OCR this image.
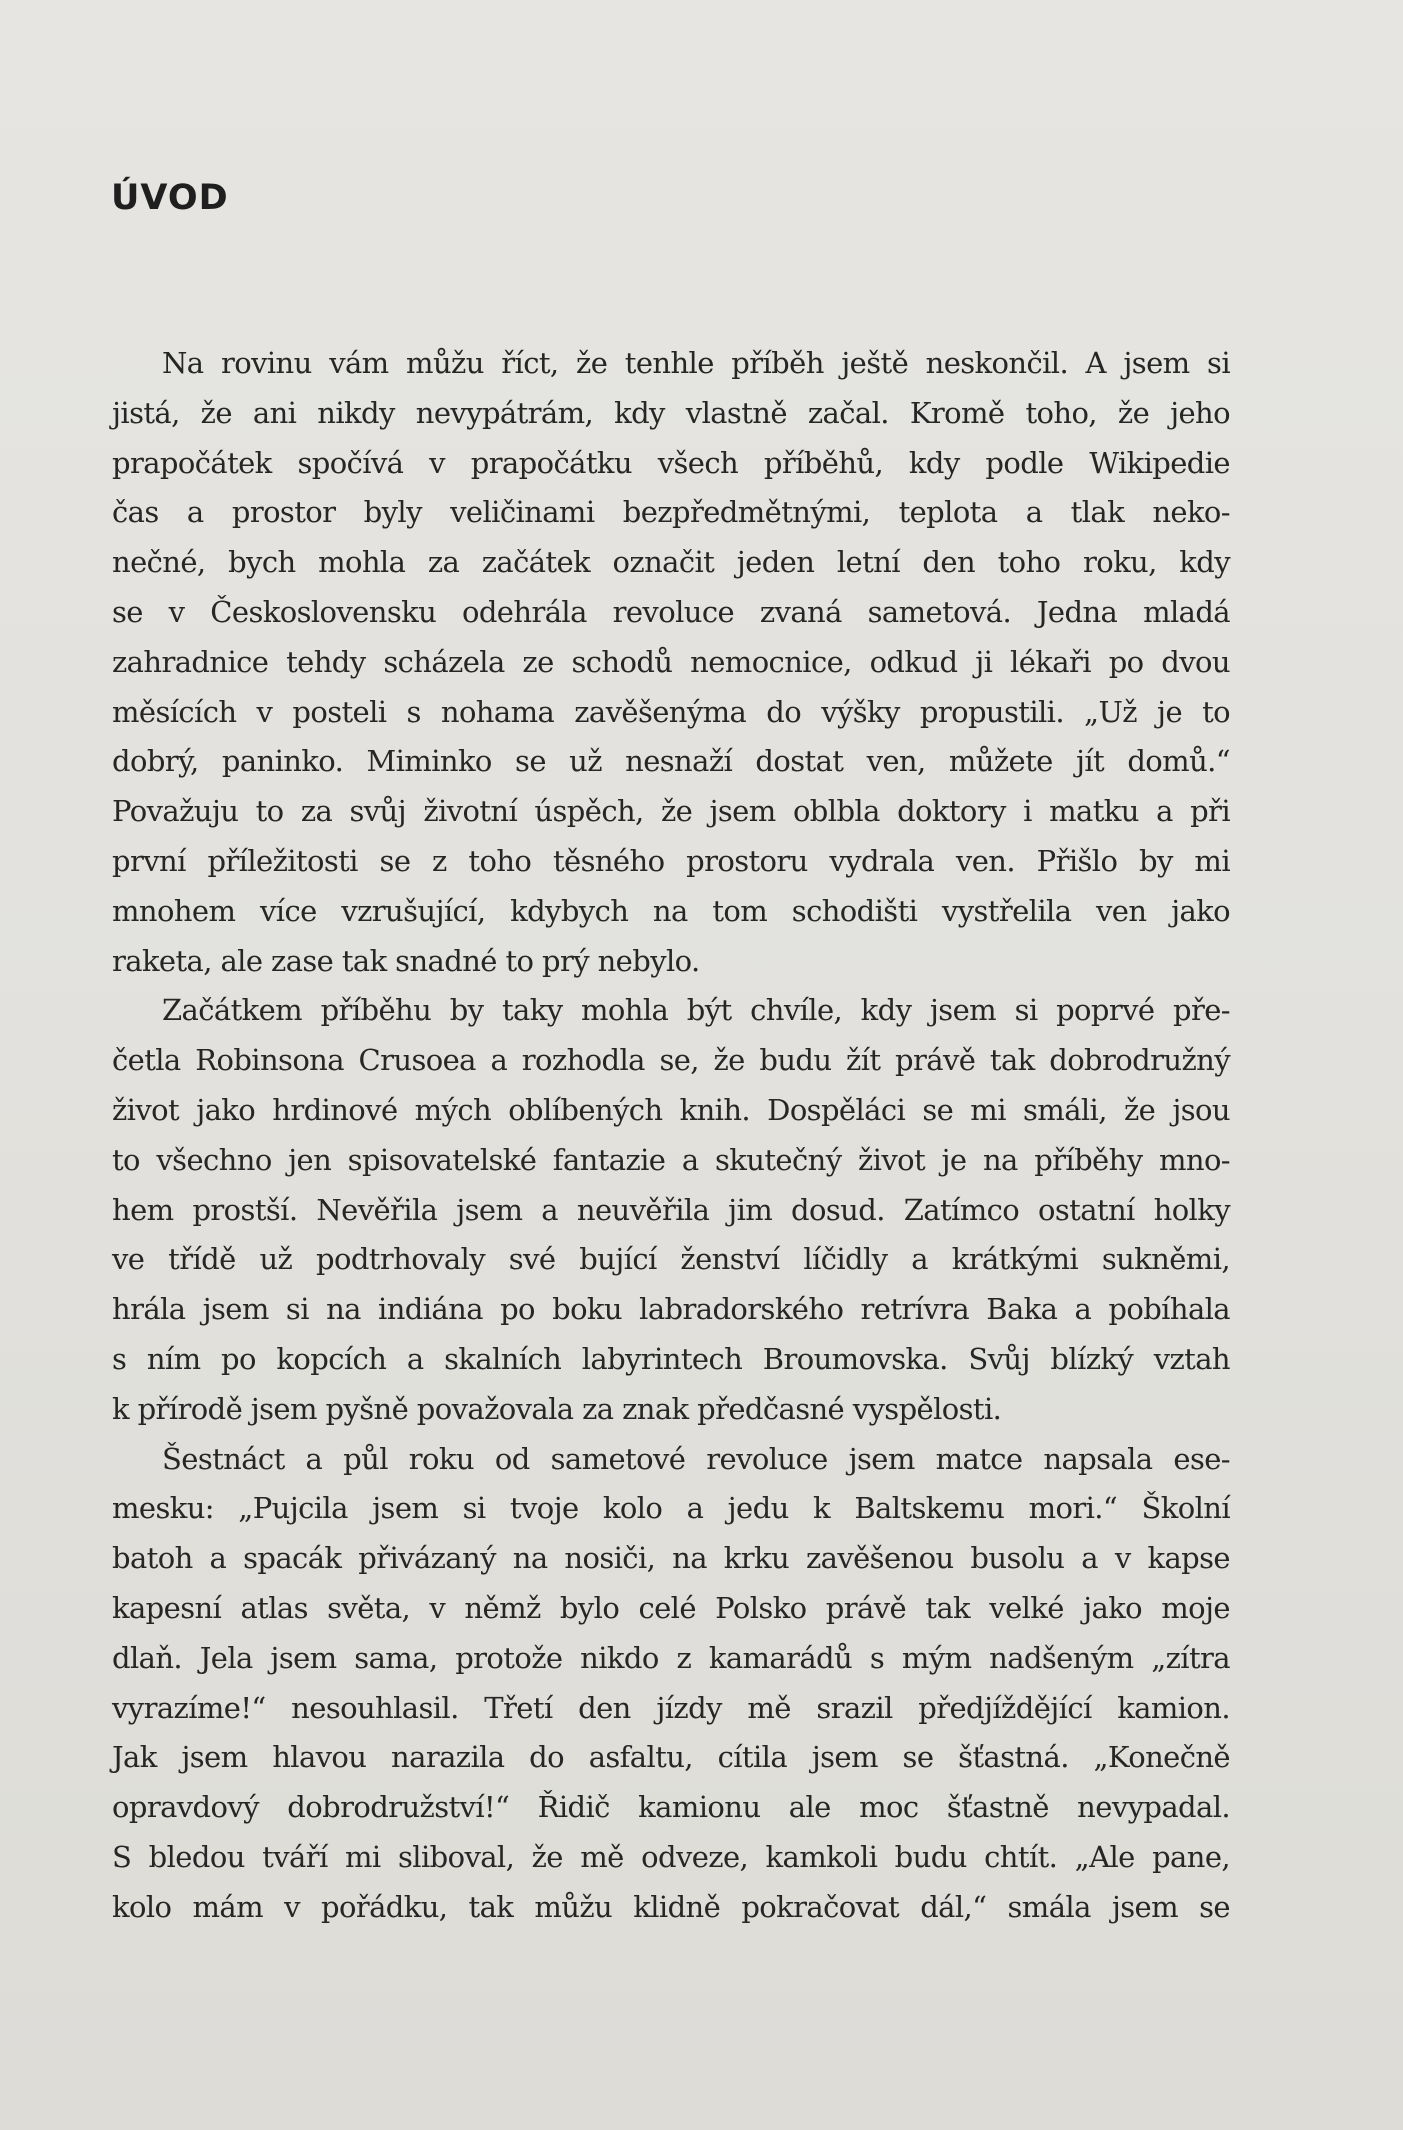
ÚVOD

Na rovinu vám můžu říct, že tenhle příběh ještě neskončil. A jsem si
jistá, že ani nikdy nevypátrám, kdy vlastně začal. Kromě toho, že jeho
prapočátek spočívá v prapočátku všech příběhů, kdy podle Wikipedie
čas a prostor byly veličinami bezpředmětnými, teplota a tlak neko-
nečné, bych mohla za začátek označit jeden letní den toho roku, kdy
se v Československu odehrála revoluce zvaná sametová. Jedna mladá
zahradnice tehdy scházela ze schodů nemocnice, odkud ji lékaři po dvou
měsících v posteli s nohama zavěšenýma do výšky propustili. „Už je to
dobrý, paninko. Miminko se už nesnaží dostat ven, můžete jít domů.“
Považuju to za svůj životní úspěch, že jsem oblbla doktory i matku a při
první příležitosti se z toho těsného prostoru vydrala ven. Přišlo by mi
mnohem více vzrušující, kdybych na tom schodišti vystřelila ven jako
raketa, ale zase tak snadné to prý nebylo.

Začátkem příběhu by taky mohla být chvíle, kdy jsem si poprvé pře-
četla Robinsona Crusoea a rozhodla se, že budu žít právě tak dobrodružný
život jako hrdinové mých oblíbených knih. Dospěláci se mi smáli, že jsou
to všechno jen spisovatelské fantazie a skutečný život je na příběhy mno-
hem prostší. Nevěřila jsem a neuvěřila jim dosud. Zatímco ostatní holky
ve třídě už podtrhovaly své bující ženství líčidly a krátkými sukněmi,
hrála jsem si na indiána po boku labradorského retrívra Baka a pobíhala
s ním po kopcích a skalních labyrintech Broumovska. Svůj blízký vztah
k přírodě jsem pyšně považovala za znak předčasné vyspělosti.

Šestnáct a půl roku od sametové revoluce jsem matce napsala ese-
mesku: „Pujcila jsem si tvoje kolo a jedu k Baltskemu mori.“ Školní
batoh a spacák přivázaný na nosiči, na krku zavěšenou busolu a v kapse
kapesní atlas světa, v němž bylo celé Polsko právě tak velké jako moje
dlaň. Jela jsem sama, protože nikdo z kamarádů s mým nadšeným „zítra
vyrazíme!“ nesouhlasil. Třetí den jízdy mě srazil předjíždějící kamion.
Jak jsem hlavou narazila do asfaltu, cítila jsem se šťastná. „Konečně
opravdový dobrodružství!“ Řidič kamionu ale moc šťastně nevypadal.
S bledou tváří mi sliboval, že mě odveze, kamkoli budu chtít. „Ale pane,
kolo mám v pořádku, tak můžu klidně pokračovat dál,“ smála jsem se
